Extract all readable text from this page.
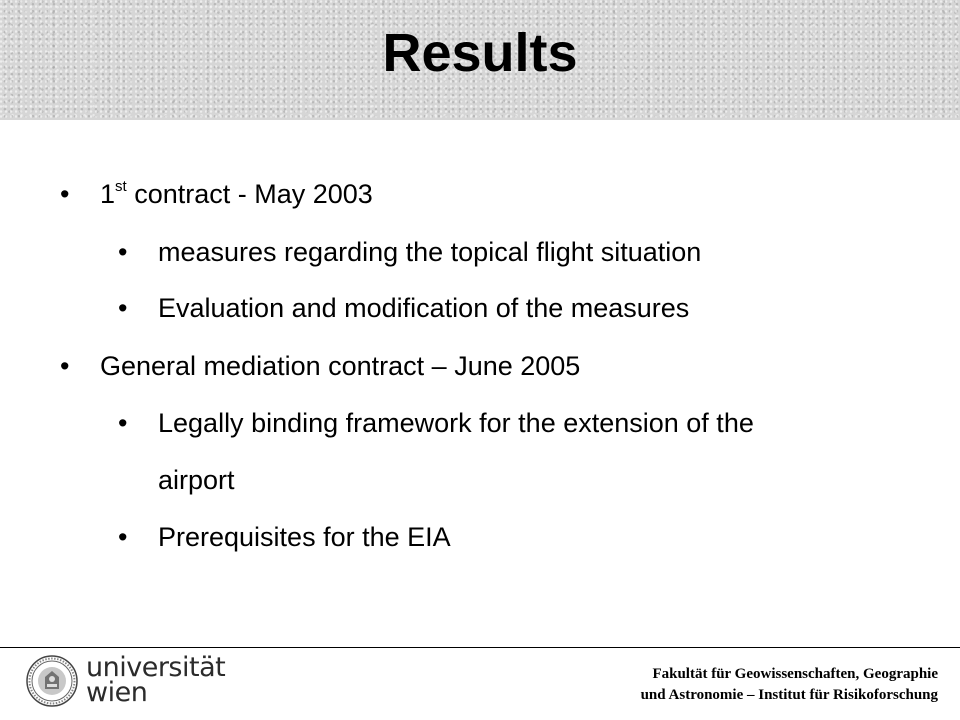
Results
• 1st contract - May 2003
• measures regarding the topical flight situation
• Evaluation and modification of the measures
• General mediation contract – June 2005
• Legally binding framework for the extension of the
airport
• Prerequisites for the EIA
universität
wien
Fakultät für Geowissenschaften, Geographie
und Astronomie – Institut für Risikoforschung
